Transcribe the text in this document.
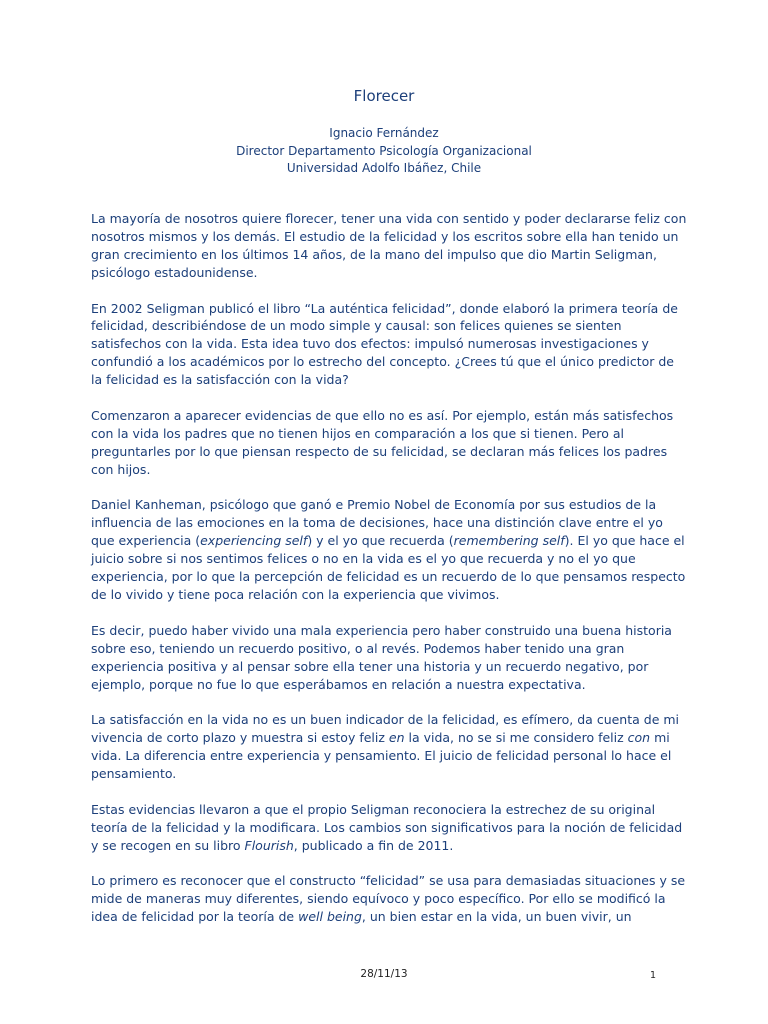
Florecer
Ignacio Fernández
Director Departamento Psicología Organizacional
Universidad Adolfo Ibáñez, Chile

La mayoría de nosotros quiere florecer, tener una vida con sentido y poder declararse feliz con nosotros mismos y los demás. El estudio de la felicidad y los escritos sobre ella han tenido un gran crecimiento en los últimos 14 años, de la mano del impulso que dio Martin Seligman, psicólogo estadounidense.

En 2002 Seligman publicó el libro “La auténtica felicidad”, donde elaboró la primera teoría de felicidad, describiéndose de un modo simple y causal: son felices quienes se sienten satisfechos con la vida. Esta idea tuvo dos efectos: impulsó numerosas investigaciones y confundió a los académicos por lo estrecho del concepto. ¿Crees tú que el único predictor de la felicidad es la satisfacción con la vida?

Comenzaron a aparecer evidencias de que ello no es así. Por ejemplo, están más satisfechos con la vida los padres que no tienen hijos en comparación a los que si tienen. Pero al preguntarles por lo que piensan respecto de su felicidad, se declaran más felices los padres con hijos.

Daniel Kanheman, psicólogo que ganó e Premio Nobel de Economía por sus estudios de la influencia de las emociones en la toma de decisiones, hace una distinción clave entre el yo que experiencia (experiencing self) y el yo que recuerda (remembering self). El yo que hace el juicio sobre si nos sentimos felices o no en la vida es el yo que recuerda y no el yo que experiencia, por lo que la percepción de felicidad es un recuerdo de lo que pensamos respecto de lo vivido y tiene poca relación con la experiencia que vivimos.

Es decir, puedo haber vivido una mala experiencia pero haber construido una buena historia sobre eso, teniendo un recuerdo positivo, o al revés. Podemos haber tenido una gran experiencia positiva y al pensar sobre ella tener una historia y un recuerdo negativo, por ejemplo, porque no fue lo que esperábamos en relación a nuestra expectativa.

La satisfacción en la vida no es un buen indicador de la felicidad, es efímero, da cuenta de mi vivencia de corto plazo y muestra si estoy feliz en la vida, no se si me considero feliz con mi vida. La diferencia entre experiencia y pensamiento. El juicio de felicidad personal lo hace el pensamiento.

Estas evidencias llevaron a que el propio Seligman reconociera la estrechez de su original teoría de la felicidad y la modificara. Los cambios son significativos para la noción de felicidad y se recogen en su libro Flourish, publicado a fin de 2011.

Lo primero es reconocer que el constructo “felicidad” se usa para demasiadas situaciones y se mide de maneras muy diferentes, siendo equívoco y poco específico. Por ello se modificó la idea de felicidad por la teoría de well being, un bien estar en la vida, un buen vivir, un

28/11/13	1
